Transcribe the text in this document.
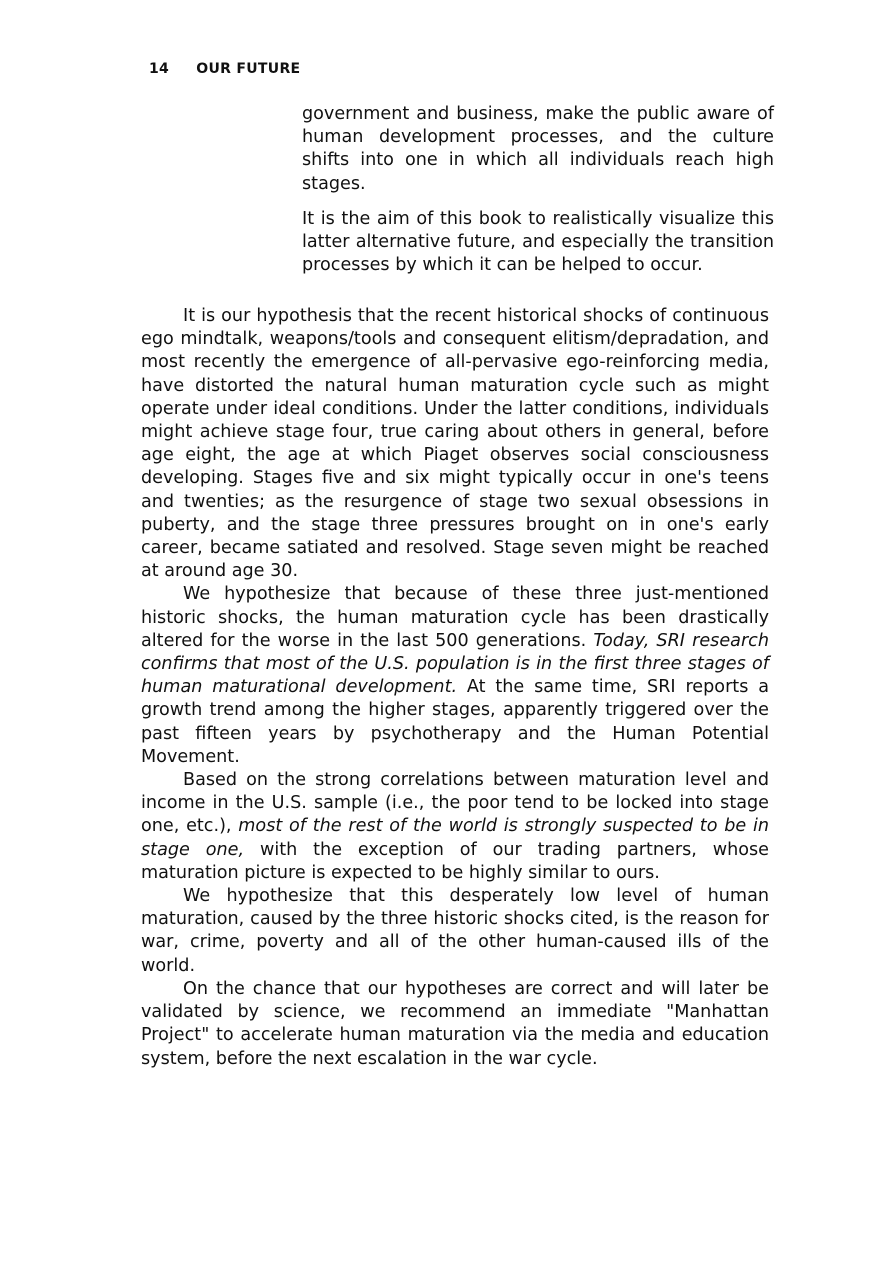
14 OUR FUTURE

government and business, make the public aware of human development processes, and the culture shifts into one in which all individuals reach high stages.

It is the aim of this book to realistically visualize this latter alternative future, and especially the transition processes by which it can be helped to occur.

It is our hypothesis that the recent historical shocks of continuous ego mindtalk, weapons/tools and consequent elitism/depradation, and most recently the emergence of all-pervasive ego-reinforcing media, have distorted the natural human maturation cycle such as might operate under ideal conditions. Under the latter conditions, individuals might achieve stage four, true caring about others in general, before age eight, the age at which Piaget observes social consciousness developing. Stages five and six might typically occur in one's teens and twenties; as the resurgence of stage two sexual obsessions in puberty, and the stage three pressures brought on in one's early career, became satiated and resolved. Stage seven might be reached at around age 30.

We hypothesize that because of these three just-mentioned historic shocks, the human maturation cycle has been drastically altered for the worse in the last 500 generations. Today, SRI research confirms that most of the U.S. population is in the first three stages of human maturational development. At the same time, SRI reports a growth trend among the higher stages, apparently triggered over the past fifteen years by psychotherapy and the Human Potential Movement.

Based on the strong correlations between maturation level and income in the U.S. sample (i.e., the poor tend to be locked into stage one, etc.), most of the rest of the world is strongly suspected to be in stage one, with the exception of our trading partners, whose maturation picture is expected to be highly similar to ours.

We hypothesize that this desperately low level of human maturation, caused by the three historic shocks cited, is the reason for war, crime, poverty and all of the other human-caused ills of the world.

On the chance that our hypotheses are correct and will later be validated by science, we recommend an immediate "Manhattan Project" to accelerate human maturation via the media and education system, before the next escalation in the war cycle.
